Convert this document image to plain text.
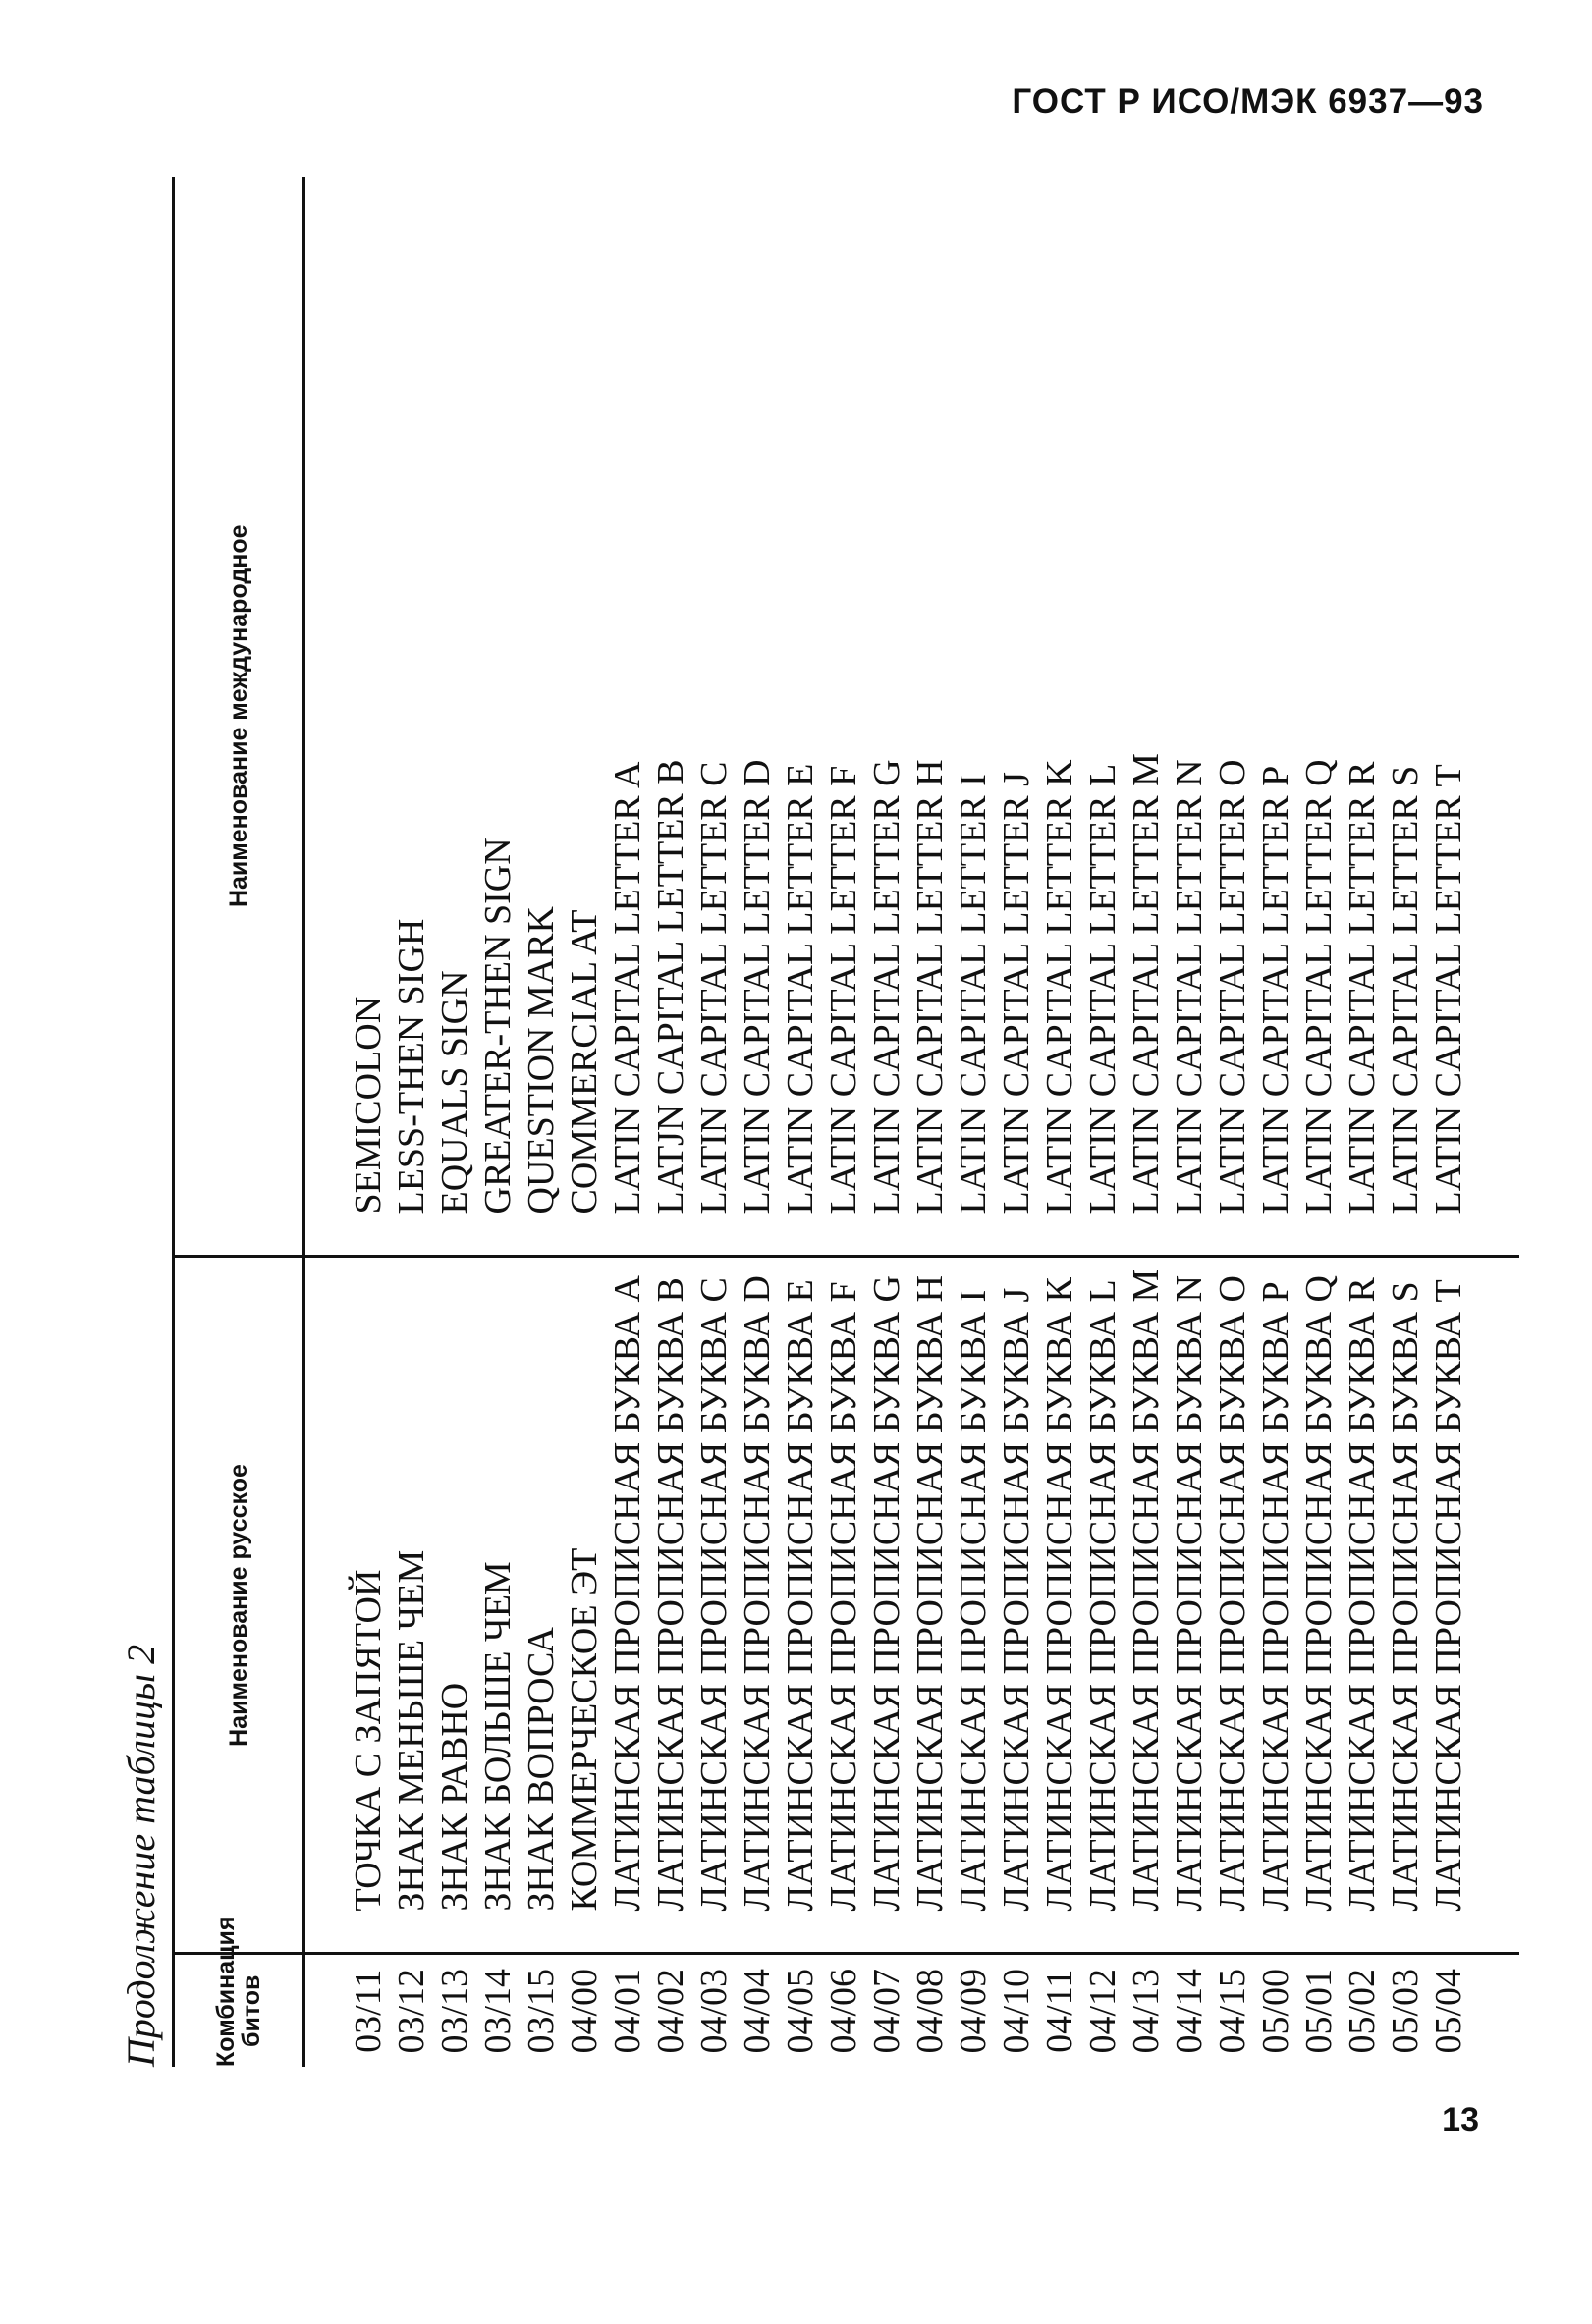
ГОСТ Р ИСО/МЭК 6937—93
Продолжение таблицы 2 Комбинация битов	Наименование русское	Наименование международное
03/11	ТОЧКА С ЗАПЯТОЙ	SEMICOLON
03/12	ЗНАК МЕНЬШЕ ЧЕМ	LESS-THEN SIGH
03/13	ЗНАК РАВНО	EQUALS SIGN
03/14	ЗНАК БОЛЬШЕ ЧЕМ	GREATER-THEN SIGN
03/15	ЗНАК ВОПРОСА	QUESTION MARK
04/00	КОММЕРЧЕСКОЕ ЭТ	COMMERCIAL AT
04/01	ЛАТИНСКАЯ ПРОПИСНАЯ БУКВА А	LATIN CAPITAL LETTER A
04/02	ЛАТИНСКАЯ ПРОПИСНАЯ БУКВА В	LATJN CAPITAL LETTER B
04/03	ЛАТИНСКАЯ ПРОПИСНАЯ БУКВА С	LATIN CAPITAL LETTER C
04/04	ЛАТИНСКАЯ ПРОПИСНАЯ БУКВА D	LATIN CAPITAL LETTER D
04/05	ЛАТИНСКАЯ ПРОПИСНАЯ БУКВА Е	LATIN CAPITAL LETTER E
04/06	ЛАТИНСКАЯ ПРОПИСНАЯ БУКВА F	LATIN CAPITAL LETTER F
04/07	ЛАТИНСКАЯ ПРОПИСНАЯ БУКВА G	LATIN CAPITAL LETTER G
04/08	ЛАТИНСКАЯ ПРОПИСНАЯ БУКВА Н	LATIN CAPITAL LETTER H
04/09	ЛАТИНСКАЯ ПРОПИСНАЯ БУКВА I	LATIN CAPITAL LETTER I
04/10	ЛАТИНСКАЯ ПРОПИСНАЯ БУКВА J	LATIN CAPITAL LETTER J
04/11	ЛАТИНСКАЯ ПРОПИСНАЯ БУКВА К	LATIN CAPITAL LETTER K
04/12	ЛАТИНСКАЯ ПРОПИСНАЯ БУКВА L	LATIN CAPITAL LETTER L
04/13	ЛАТИНСКАЯ ПРОПИСНАЯ БУКВА М	LATIN CAPITAL LETTER M
04/14	ЛАТИНСКАЯ ПРОПИСНАЯ БУКВА N	LATIN CAPITAL LETTER N
04/15	ЛАТИНСКАЯ ПРОПИСНАЯ БУКВА О	LATIN CAPITAL LETTER O
05/00	ЛАТИНСКАЯ ПРОПИСНАЯ БУКВА Р	LATIN CAPITAL LETTER P
05/01	ЛАТИНСКАЯ ПРОПИСНАЯ БУКВА Q	LATIN CAPITAL LETTER Q
05/02	ЛАТИНСКАЯ ПРОПИСНАЯ БУКВА R	LATIN CAPITAL LETTER R
05/03	ЛАТИНСКАЯ ПРОПИСНАЯ БУКВА S	LATIN CAPITAL LETTER S
05/04	ЛАТИНСКАЯ ПРОПИСНАЯ БУКВА Т	LATIN CAPITAL LETTER T

13
